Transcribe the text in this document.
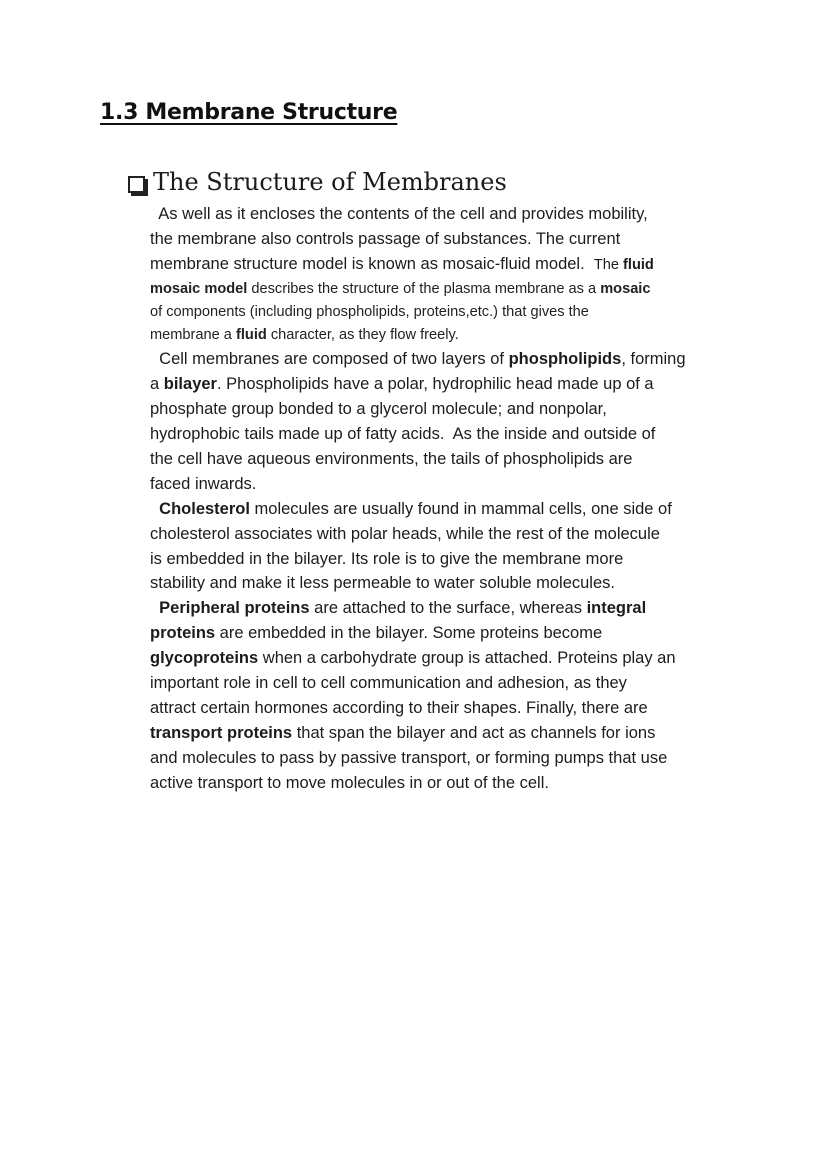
1.3 Membrane Structure
The Structure of Membranes
As well as it encloses the contents of the cell and provides mobility,
the membrane also controls passage of substances. The current
membrane structure model is known as mosaic-fluid model.  The fluid
mosaic model describes the structure of the plasma membrane as a mosaic
of components (including phospholipids, proteins,etc.) that gives the
membrane a fluid character, as they flow freely.
Cell membranes are composed of two layers of phospholipids, forming
a bilayer. Phospholipids have a polar, hydrophilic head made up of a
phosphate group bonded to a glycerol molecule; and nonpolar,
hydrophobic tails made up of fatty acids.  As the inside and outside of
the cell have aqueous environments, the tails of phospholipids are
faced inwards.
Cholesterol molecules are usually found in mammal cells, one side of
cholesterol associates with polar heads, while the rest of the molecule
is embedded in the bilayer. Its role is to give the membrane more
stability and make it less permeable to water soluble molecules.
Peripheral proteins are attached to the surface, whereas integral
proteins are embedded in the bilayer. Some proteins become
glycoproteins when a carbohydrate group is attached. Proteins play an
important role in cell to cell communication and adhesion, as they
attract certain hormones according to their shapes. Finally, there are
transport proteins that span the bilayer and act as channels for ions
and molecules to pass by passive transport, or forming pumps that use
active transport to move molecules in or out of the cell.
